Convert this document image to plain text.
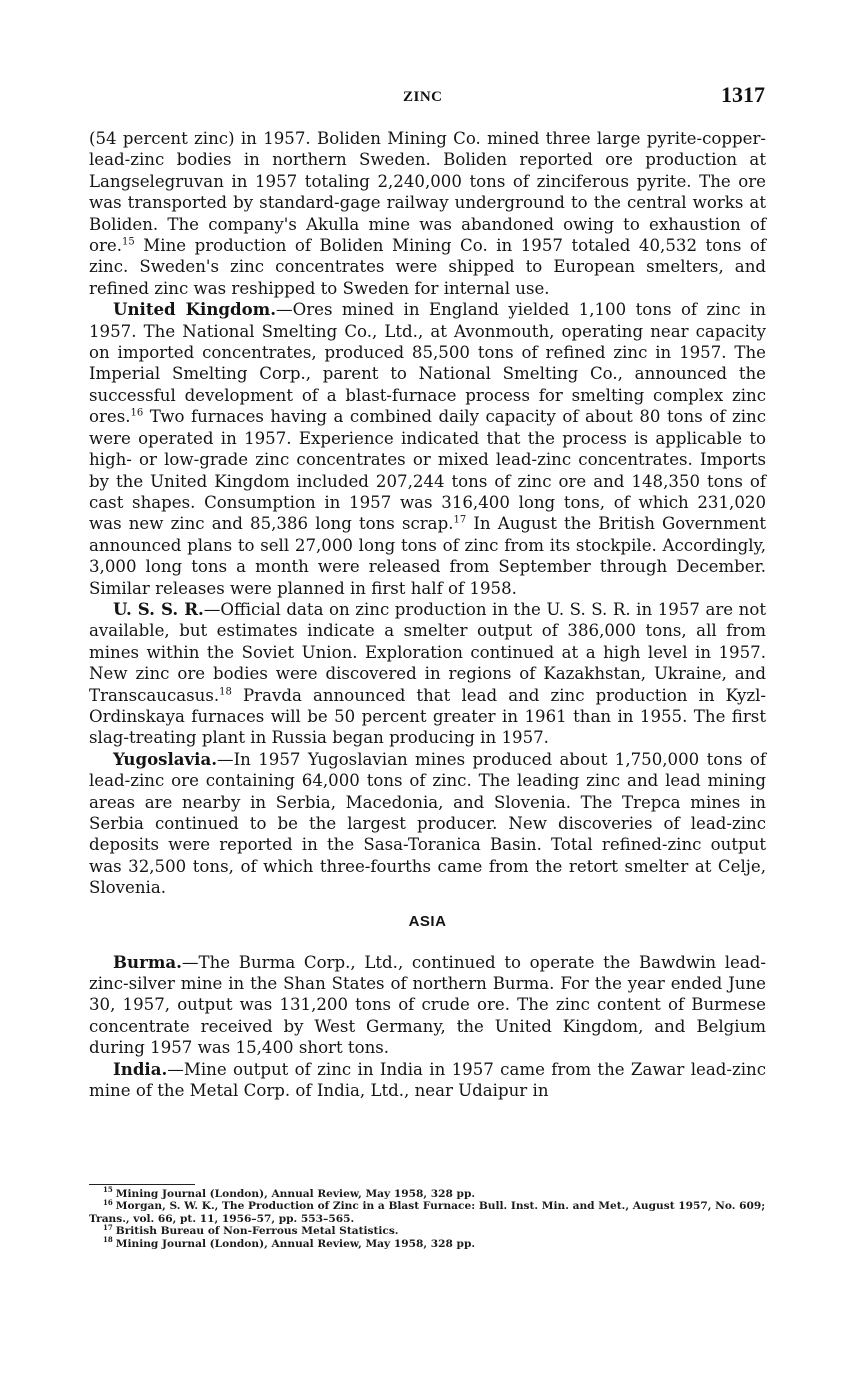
ZINC	1317

(54 percent zinc) in 1957. Boliden Mining Co. mined three large pyrite-copper-lead-zinc bodies in northern Sweden. Boliden reported ore production at Langselegruvan in 1957 totaling 2,240,000 tons of zinciferous pyrite. The ore was transported by standard-gage railway underground to the central works at Boliden. The company's Akulla mine was abandoned owing to exhaustion of ore.$^{15}$ Mine production of Boliden Mining Co. in 1957 totaled 40,532 tons of zinc. Sweden's zinc concentrates were shipped to European smelters, and refined zinc was reshipped to Sweden for internal use.

United Kingdom.—Ores mined in England yielded 1,100 tons of zinc in 1957. The National Smelting Co., Ltd., at Avonmouth, operating near capacity on imported concentrates, produced 85,500 tons of refined zinc in 1957. The Imperial Smelting Corp., parent to National Smelting Co., announced the successful development of a blast-furnace process for smelting complex zinc ores.$^{16}$ Two furnaces having a combined daily capacity of about 80 tons of zinc were operated in 1957. Experience indicated that the process is applicable to high- or low-grade zinc concentrates or mixed lead-zinc concentrates. Imports by the United Kingdom included 207,244 tons of zinc ore and 148,350 tons of cast shapes. Consumption in 1957 was 316,400 long tons, of which 231,020 was new zinc and 85,386 long tons scrap.$^{17}$ In August the British Government announced plans to sell 27,000 long tons of zinc from its stockpile. Accordingly, 3,000 long tons a month were released from September through December. Similar releases were planned in first half of 1958.

U. S. S. R.—Official data on zinc production in the U. S. S. R. in 1957 are not available, but estimates indicate a smelter output of 386,000 tons, all from mines within the Soviet Union. Exploration continued at a high level in 1957. New zinc ore bodies were discovered in regions of Kazakhstan, Ukraine, and Transcaucasus.$^{18}$ Pravda announced that lead and zinc production in Kyzl-Ordinskaya furnaces will be 50 percent greater in 1961 than in 1955. The first slag-treating plant in Russia began producing in 1957.

Yugoslavia.—In 1957 Yugoslavian mines produced about 1,750,000 tons of lead-zinc ore containing 64,000 tons of zinc. The leading zinc and lead mining areas are nearby in Serbia, Macedonia, and Slovenia. The Trepca mines in Serbia continued to be the largest producer. New discoveries of lead-zinc deposits were reported in the Sasa-Toranica Basin. Total refined-zinc output was 32,500 tons, of which three-fourths came from the retort smelter at Celje, Slovenia.

ASIA

Burma.—The Burma Corp., Ltd., continued to operate the Bawdwin lead-zinc-silver mine in the Shan States of northern Burma. For the year ended June 30, 1957, output was 131,200 tons of crude ore. The zinc content of Burmese concentrate received by West Germany, the United Kingdom, and Belgium during 1957 was 15,400 short tons.

India.—Mine output of zinc in India in 1957 came from the Zawar lead-zinc mine of the Metal Corp. of India, Ltd., near Udaipur in

$^{15}$ Mining Journal (London), Annual Review, May 1958, 328 pp.

$^{16}$ Morgan, S. W. K., The Production of Zinc in a Blast Furnace: Bull. Inst. Min. and Met., August 1957, No. 609; Trans., vol. 66, pt. 11, 1956–57, pp. 553–565.

$^{17}$ British Bureau of Non-Ferrous Metal Statistics.

$^{18}$ Mining Journal (London), Annual Review, May 1958, 328 pp.
